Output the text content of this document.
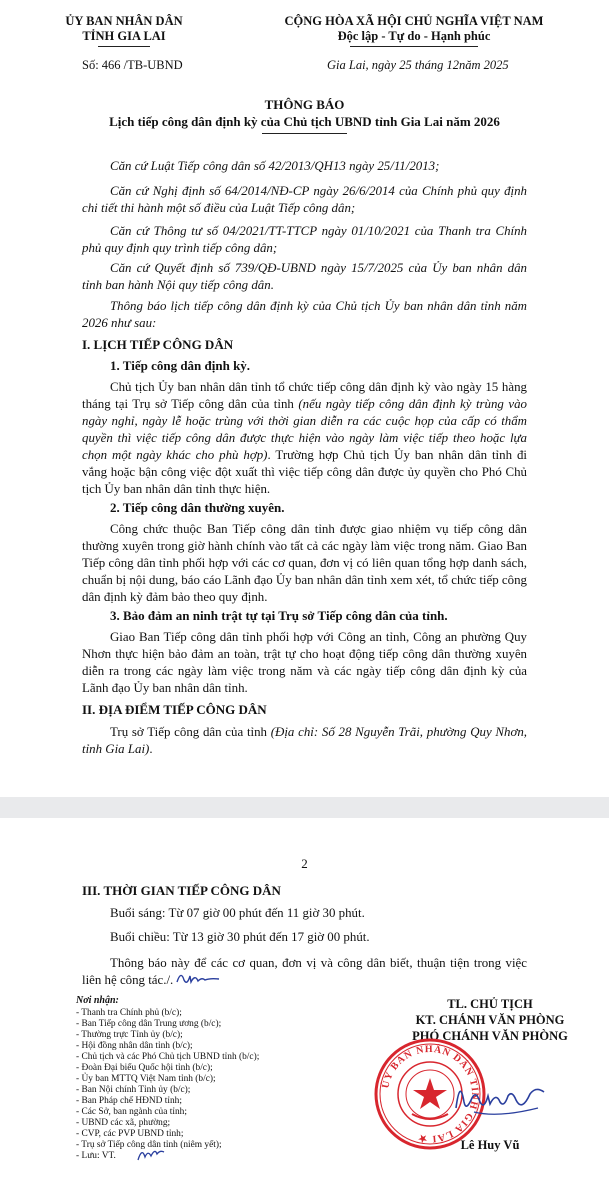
ỦY BAN NHÂN DÂN
TỈNH GIA LAI
Số: 466 /TB-UBND
CỘNG HÒA XÃ HỘI CHỦ NGHĨA VIỆT NAM
Độc lập - Tự do - Hạnh phúc
Gia Lai, ngày 25 tháng 12năm 2025
THÔNG BÁO
Lịch tiếp công dân định kỳ của Chủ tịch UBND tỉnh Gia Lai năm 2026
Căn cứ Luật Tiếp công dân số 42/2013/QH13 ngày 25/11/2013;
Căn cứ Nghị định số 64/2014/NĐ-CP ngày 26/6/2014 của Chính phủ quy định chi tiết thi hành một số điều của Luật Tiếp công dân;
Căn cứ Thông tư số 04/2021/TT-TTCP ngày 01/10/2021 của Thanh tra Chính phủ quy định quy trình tiếp công dân;
Căn cứ Quyết định số 739/QĐ-UBND ngày 15/7/2025 của Ủy ban nhân dân tỉnh ban hành Nội quy tiếp công dân.
Thông báo lịch tiếp công dân định kỳ của Chủ tịch Ủy ban nhân dân tỉnh năm 2026 như sau:
I. LỊCH TIẾP CÔNG DÂN
1. Tiếp công dân định kỳ.
Chủ tịch Ủy ban nhân dân tỉnh tổ chức tiếp công dân định kỳ vào ngày 15 hàng tháng tại Trụ sở Tiếp công dân của tỉnh (nếu ngày tiếp công dân định kỳ trùng vào ngày nghỉ, ngày lễ hoặc trùng với thời gian diễn ra các cuộc họp của cấp có thẩm quyền thì việc tiếp công dân được thực hiện vào ngày làm việc tiếp theo hoặc lựa chọn một ngày khác cho phù hợp). Trường hợp Chủ tịch Ủy ban nhân dân tỉnh đi vắng hoặc bận công việc đột xuất thì việc tiếp công dân được ủy quyền cho Phó Chủ tịch Ủy ban nhân dân tỉnh thực hiện.
2. Tiếp công dân thường xuyên.
Công chức thuộc Ban Tiếp công dân tỉnh được giao nhiệm vụ tiếp công dân thường xuyên trong giờ hành chính vào tất cả các ngày làm việc trong năm. Giao Ban Tiếp công dân tỉnh phối hợp với các cơ quan, đơn vị có liên quan tổng hợp danh sách, chuẩn bị nội dung, báo cáo Lãnh đạo Ủy ban nhân dân tỉnh xem xét, tổ chức tiếp công dân định kỳ đảm bảo theo quy định.
3. Bảo đảm an ninh trật tự tại Trụ sở Tiếp công dân của tỉnh.
Giao Ban Tiếp công dân tỉnh phối hợp với Công an tỉnh, Công an phường Quy Nhơn thực hiện bảo đảm an toàn, trật tự cho hoạt động tiếp công dân thường xuyên diễn ra trong các ngày làm việc trong năm và các ngày tiếp công dân định kỳ của Lãnh đạo Ủy ban nhân dân tỉnh.
II. ĐỊA ĐIỂM TIẾP CÔNG DÂN
Trụ sở Tiếp công dân của tỉnh (Địa chỉ: Số 28 Nguyễn Trãi, phường Quy Nhơn, tỉnh Gia Lai).
2
III. THỜI GIAN TIẾP CÔNG DÂN
Buổi sáng: Từ 07 giờ 00 phút đến 11 giờ 30 phút.
Buổi chiều: Từ 13 giờ 30 phút đến 17 giờ 00 phút.
Thông báo này để các cơ quan, đơn vị và công dân biết, thuận tiện trong việc liên hệ công tác./.
Nơi nhận:
- Thanh tra Chính phủ (b/c);
- Ban Tiếp công dân Trung ương (b/c);
- Thường trực Tỉnh ủy (b/c);
- Hội đồng nhân dân tỉnh (b/c);
- Chủ tịch và các Phó Chủ tịch UBND tỉnh (b/c);
- Đoàn Đại biểu Quốc hội tỉnh (b/c);
- Ủy ban MTTQ Việt Nam tỉnh (b/c);
- Ban Nội chính Tỉnh ủy (b/c);
- Ban Pháp chế HĐND tỉnh;
- Các Sở, ban ngành của tỉnh;
- UBND các xã, phường;
- CVP, các PVP UBND tỉnh;
- Trụ sở Tiếp công dân tỉnh (niêm yết);
- Lưu: VT.
TL. CHỦ TỊCH
KT. CHÁNH VĂN PHÒNG
PHÓ CHÁNH VĂN PHÒNG
ỦY BAN NHÂN DÂN TỈNH GIA LAI ★
Lê Huy Vũ
